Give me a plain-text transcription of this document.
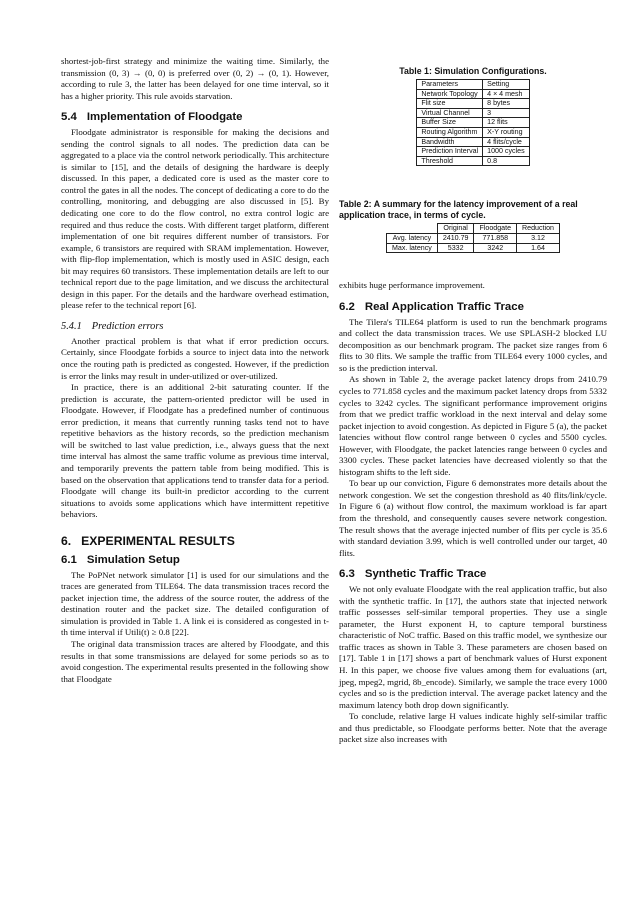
shortest-job-first strategy and minimize the waiting time. Similarly, the transmission (0, 3) → (0, 0) is preferred over (0, 2) → (0, 1). However, according to rule 3, the latter has been delayed for one time interval, so it has a higher priority. This rule avoids starvation.

5.4 Implementation of Floodgate

Floodgate administrator is responsible for making the decisions and sending the control signals to all nodes. The prediction data can be aggregated to a place via the control network periodically. This architecture is similar to [15], and the details of designing the hardware is deeply discussed. In this paper, a dedicated core is used as the master core to control the gates in all the nodes. The concept of dedicating a core to do the controlling, monitoring, and debugging are also discussed in [5]. By dedicating one core to do the flow control, no extra control logic are required and thus reduce the costs. With different target platform, different implementation of one bit requires different number of transistors. For example, 6 transistors are required with SRAM implementation. However, with flip-flop implementation, which is mostly used in ASIC design, each bit may requires 60 transistors. These implementation details are left to our technical report due to the page limitation, and we discuss the architectural design in this paper. For the details and the hardware overhead estimation, please refer to the technical report [6].

5.4.1 Prediction errors

Another practical problem is that what if error prediction occurs. Certainly, since Floodgate forbids a source to inject data into the network once the routing path is predicted as congested. However, if the prediction is error the links may result in under-utilized or over-utilized.

In practice, there is an additional 2-bit saturating counter. If the prediction is accurate, the pattern-oriented predictor will be used in Floodgate. However, if Floodgate has a predefined number of continuous error prediction, it means that currently running tasks tend not to have repetitive behaviors as the history records, so the prediction mechanism will be switched to last value prediction, i.e., always guess that the next time interval has almost the same traffic volume as previous time interval, and temporarily prevents the pattern table from being modified. This is based on the observation that applications tend to transfer data for a period. Floodgate will change its built-in predictor according to the current situations to avoids some applications which have intermittent repetitive behaviors.

6. EXPERIMENTAL RESULTS
6.1 Simulation Setup

The PoPNet network simulator [1] is used for our simulations and the traces are generated from TILE64. The data transmission traces record the packet injection time, the address of the source router, the address of the destination router and the packet size. The detailed configuration of simulation is provided in Table 1. A link ei is considered as congested in t-th time interval if Utili(t) ≥ 0.8 [22].

The original data transmission traces are altered by Floodgate, and this results in that some transmissions are delayed for some periods so as to avoid congestion. The experimental results presented in the following show that Floodgate

Table 1: Simulation Configurations.
Parameters	Setting
Network Topology	4 × 4 mesh
Flit size	8 bytes
Virtual Channel	3
Buffer Size	12 flits
Routing Algorithm	X-Y routing
Bandwidth	4 flits/cycle
Prediction Interval	1000 cycles
Threshold	0.8
Table 2: A summary for the latency improvement of a real application trace, in terms of cycle.
	Original	Floodgate	Reduction
Avg. latency	2410.79	771.858	3.12
Max. latency	5332	3242	1.64

exhibits huge performance improvement.

6.2 Real Application Traffic Trace

The Tilera's TILE64 platform is used to run the benchmark programs and collect the data transmission traces. We use SPLASH-2 blocked LU decomposition as our benchmark program. The packet size ranges from 6 flits to 30 flits. We sample the traffic from TILE64 every 1000 cycles, and so is the prediction interval.

As shown in Table 2, the average packet latency drops from 2410.79 cycles to 771.858 cycles and the maximum packet latency drops from 5332 cycles to 3242 cycles. The significant performance improvement origins from that we predict traffic workload in the next interval and delay some packet injection to avoid congestion. As depicted in Figure 5 (a), the packet latencies without flow control range between 0 cycles and 5500 cycles. However, with Floodgate, the packet latencies range between 0 cycles and 3300 cycles. These packet latencies have decreased violently so that the histogram shifts to the left side.

To bear up our conviction, Figure 6 demonstrates more details about the network congestion. We set the congestion threshold as 40 flits/link/cycle. In Figure 6 (a) without flow control, the maximum workload is far apart from the threshold, and consequently causes severe network congestion. The result shows that the average injected number of flits per cycle is 35.6 with standard deviation 3.99, which is well controlled under our target, 40 flits.

6.3 Synthetic Traffic Trace

We not only evaluate Floodgate with the real application traffic, but also with the synthetic traffic. In [17], the authors state that injected network traffic possesses self-similar temporal properties. They use a single parameter, the Hurst exponent H, to capture temporal burstiness characteristic of NoC traffic. Based on this traffic model, we synthesize our traffic traces as shown in Table 3. These parameters are chosen based on [17]. Table 1 in [17] shows a part of benchmark values of Hurst exponent H. In this paper, we choose five values among them for evaluations (art, jpeg, mpeg2, mgrid, 8b_encode). Similarly, we sample the trace every 1000 cycles and so is the prediction interval. The average packet latency and the maximum latency both drop down significantly.

To conclude, relative large H values indicate highly self-similar traffic and thus predictable, so Floodgate performs better. Note that the average packet size also increases with
